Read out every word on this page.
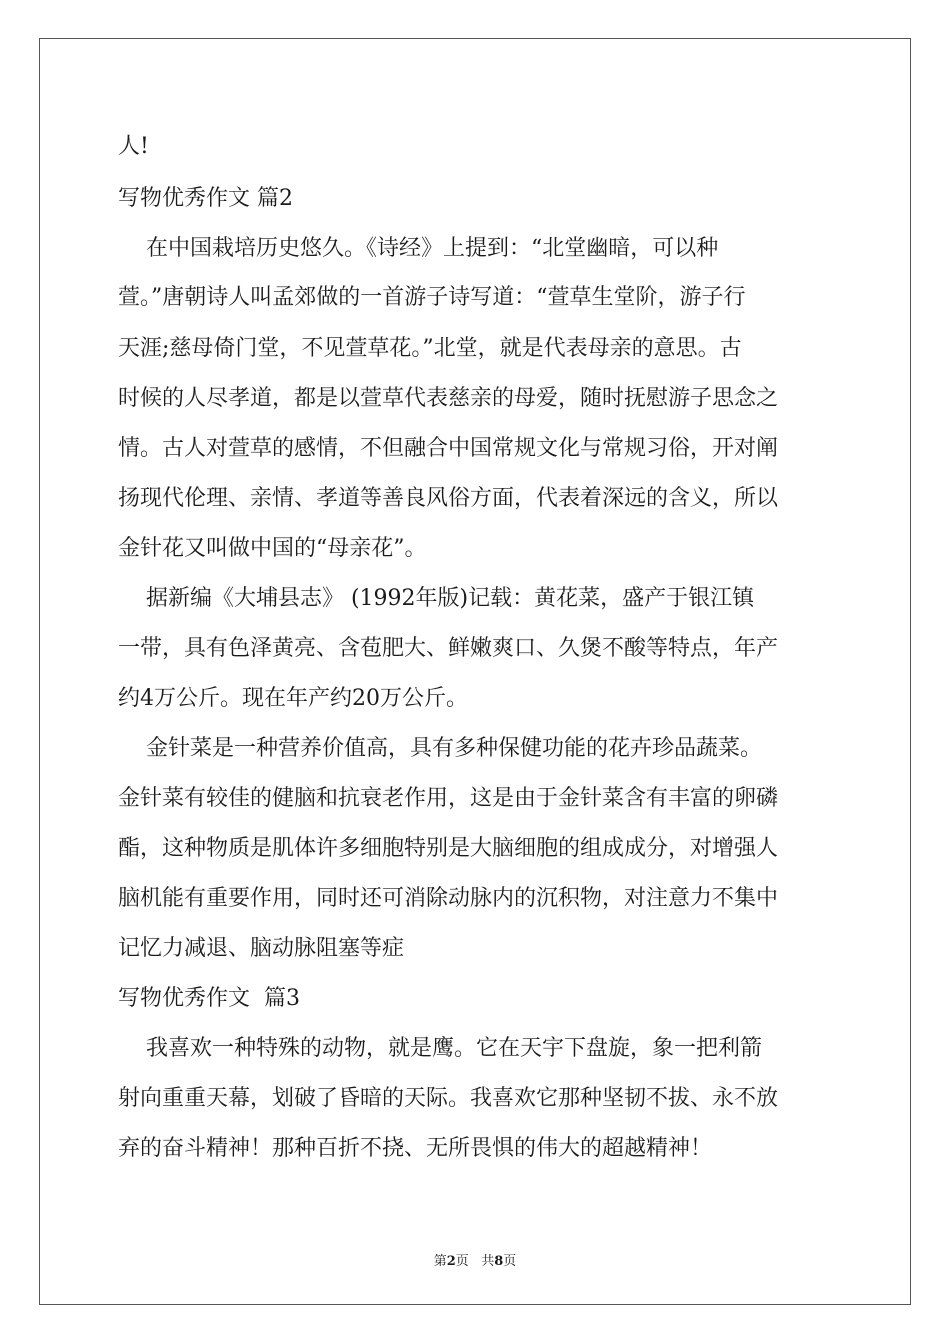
人!
写物优秀作文 篇2
在中国栽培历史悠久。《诗经》上提到：“北堂幽暗，可以种
萱。”唐朝诗人叫孟郊做的一首游子诗写道：“萱草生堂阶，游子行
天涯;慈母倚门堂，不见萱草花。”北堂，就是代表母亲的意思。古
时候的人尽孝道，都是以萱草代表慈亲的母爱，随时抚慰游子思念之
情。古人对萱草的感情，不但融合中国常规文化与常规习俗，开对阐
扬现代伦理、亲情、孝道等善良风俗方面，代表着深远的含义，所以
金针花又叫做中国的“母亲花”。
据新编《大埔县志》 (1992年版)记载：黄花菜，盛产于银江镇
一带，具有色泽黄亮、含苞肥大、鲜嫩爽口、久煲不酸等特点，年产
约4万公斤。现在年产约20万公斤。
金针菜是一种营养价值高，具有多种保健功能的花卉珍品蔬菜。
金针菜有较佳的健脑和抗衰老作用，这是由于金针菜含有丰富的卵磷
酯，这种物质是肌体许多细胞特别是大脑细胞的组成成分，对增强人
脑机能有重要作用，同时还可消除动脉内的沉积物，对注意力不集中
记忆力减退、脑动脉阻塞等症
写物优秀作文  篇3
我喜欢一种特殊的动物，就是鹰。它在天宇下盘旋，象一把利箭
射向重重天幕，划破了昏暗的天际。我喜欢它那种坚韧不拔、永不放
弃的奋斗精神！那种百折不挠、无所畏惧的伟大的超越精神！
第2页 共8页
